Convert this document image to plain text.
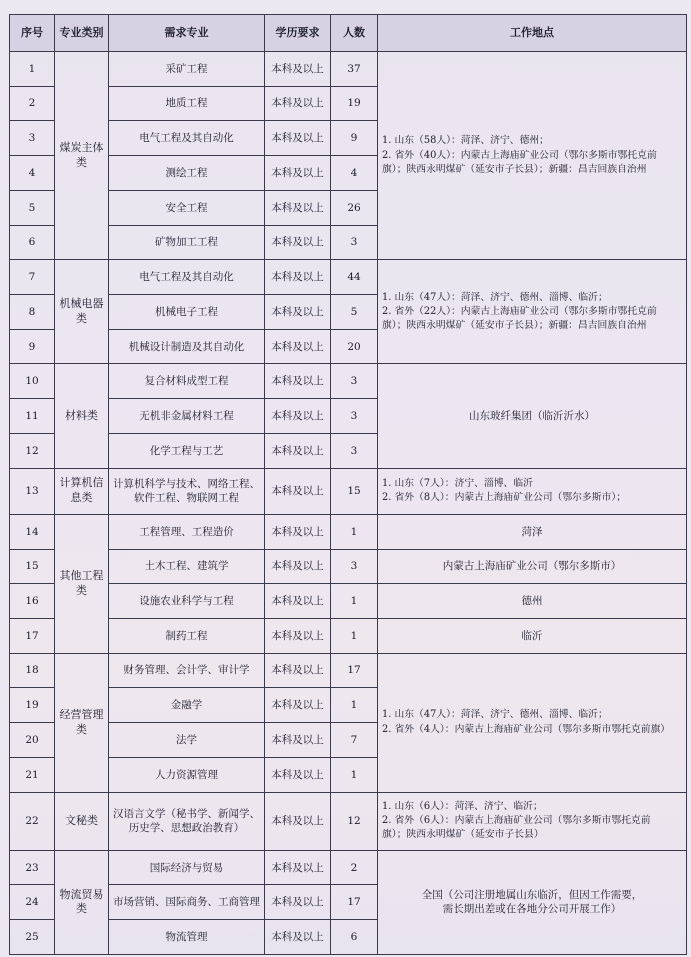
序号	专业类别	需求专业	学历要求	人数	工作地点
1	煤炭主体类	采矿工程	本科及以上	37	1. 山东（58人）：菏泽、济宁、德州；
2. 省外（40人）：内蒙古上海庙矿业公司（鄂尔多斯市鄂托克前
旗）；陕西永明煤矿（延安市子长县）；新疆：昌吉回族自治州

2		地质工程	本科及以上	19	
3		电气工程及其自动化	本科及以上	9	
4		测绘工程	本科及以上	4	
5		安全工程	本科及以上	26	
6		矿物加工工程	本科及以上	3	
7	机械电器类	电气工程及其自动化	本科及以上	44	1. 山东（47人）：菏泽、济宁、德州、淄博、临沂；
2. 省外（22人）：内蒙古上海庙矿业公司（鄂尔多斯市鄂托克前
旗）；陕西永明煤矿（延安市子长县）；新疆：昌吉回族自治州

8		机械电子工程	本科及以上	5	
9		机械设计制造及其自动化	本科及以上	20	
10	材料类	复合材料成型工程	本科及以上	3	山东玻纤集团（临沂沂水）
11		无机非金属材料工程	本科及以上	3	
12		化学工程与工艺	本科及以上	3	
13	计算机信息类	计算机科学与技术、网络工程、软件工程、物联网工程	本科及以上	15	1. 山东（7人）：济宁、淄博、临沂
2. 省外（8人）：内蒙古上海庙矿业公司（鄂尔多斯市）；

14	其他工程类	工程管理、工程造价	本科及以上	1	菏泽
15		土木工程、建筑学	本科及以上	3	内蒙古上海庙矿业公司（鄂尔多斯市）
16		设施农业科学与工程	本科及以上	1	德州
17		制药工程	本科及以上	1	临沂
18	经营管理类	财务管理、会计学、审计学	本科及以上	17	1. 山东（47人）：菏泽、济宁、德州、淄博、临沂；
2. 省外（4人）：内蒙古上海庙矿业公司（鄂尔多斯市鄂托克前旗）

19		金融学	本科及以上	1	
20		法学	本科及以上	7	
21		人力资源管理	本科及以上	1	
22	文秘类	汉语言文学（秘书学、新闻学、历史学、思想政治教育）	本科及以上	12	1. 山东（6人）：菏泽、济宁、临沂；
2. 省外（6人）：内蒙古上海庙矿业公司（鄂尔多斯市鄂托克前
旗）；陕西永明煤矿（延安市子长县）

23	物流贸易类	国际经济与贸易	本科及以上	2	全国（公司注册地属山东临沂，但因工作需要，
需长期出差或在各地分公司开展工作）

24		市场营销、国际商务、工商管理	本科及以上	17	
25		物流管理	本科及以上	6	
